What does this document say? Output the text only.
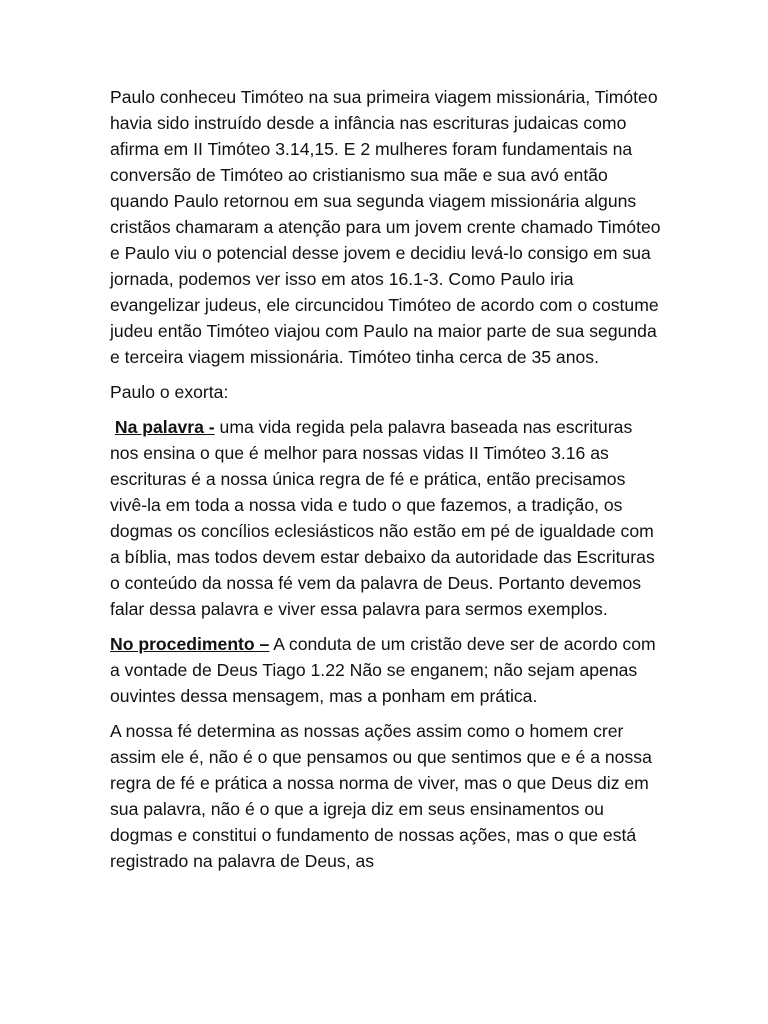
Paulo conheceu Timóteo na sua primeira viagem missionária, Timóteo havia sido instruído desde a infância nas escrituras judaicas como afirma em II Timóteo 3.14,15. E 2 mulheres foram fundamentais na conversão de Timóteo ao cristianismo sua mãe e sua avó então quando Paulo retornou em sua segunda viagem missionária alguns cristãos chamaram a atenção para um jovem crente chamado Timóteo e Paulo viu o potencial desse jovem e decidiu levá-lo consigo em sua jornada, podemos ver isso em atos 16.1-3. Como Paulo iria evangelizar judeus, ele circuncidou Timóteo de acordo com o costume judeu então Timóteo viajou com Paulo na maior parte de sua segunda e terceira viagem missionária. Timóteo tinha cerca de 35 anos.

Paulo o exorta:

Na palavra - uma vida regida pela palavra baseada nas escrituras nos ensina o que é melhor para nossas vidas II Timóteo 3.16 as escrituras é a nossa única regra de fé e prática, então precisamos vivê-la em toda a nossa vida e tudo o que fazemos, a tradição, os dogmas os concílios eclesiásticos não estão em pé de igualdade com a bíblia, mas todos devem estar debaixo da autoridade das Escrituras o conteúdo da nossa fé vem da palavra de Deus. Portanto devemos falar dessa palavra e viver essa palavra para sermos exemplos.

No procedimento – A conduta de um cristão deve ser de acordo com a vontade de Deus Tiago 1.22 Não se enganem; não sejam apenas ouvintes dessa mensagem, mas a ponham em prática.

A nossa fé determina as nossas ações assim como o homem crer assim ele é, não é o que pensamos ou que sentimos que e é a nossa regra de fé e prática a nossa norma de viver, mas o que Deus diz em sua palavra, não é o que a igreja diz em seus ensinamentos ou dogmas e constitui o fundamento de nossas ações, mas o que está registrado na palavra de Deus, as
